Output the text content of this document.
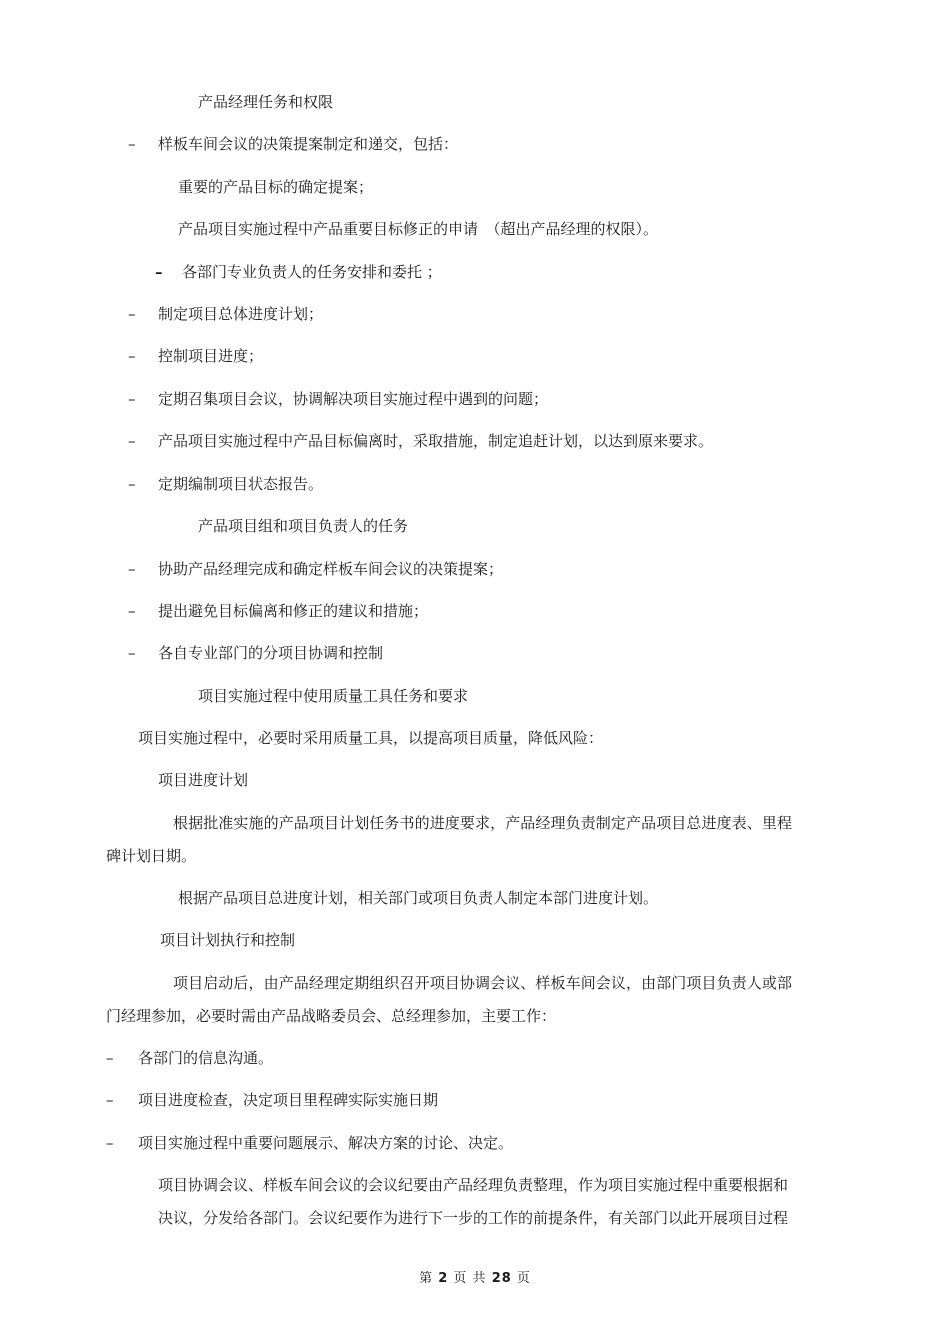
产品经理任务和权限
– 样板车间会议的决策提案制定和递交，包括：
重要的产品目标的确定提案；
产品项目实施过程中产品重要目标修正的申请　（超出产品经理的权限）。
– 各部门专业负责人的任务安排和委托 ；
– 制定项目总体进度计划；
– 控制项目进度；
– 定期召集项目会议，协调解决项目实施过程中遇到的问题；
– 产品项目实施过程中产品目标偏离时，采取措施，制定追赶计划，以达到原来要求。
– 定期编制项目状态报告。
产品项目组和项目负责人的任务
– 协助产品经理完成和确定样板车间会议的决策提案；
– 提出避免目标偏离和修正的建议和措施；
– 各自专业部门的分项目协调和控制
项目实施过程中使用质量工具任务和要求
项目实施过程中，必要时采用质量工具，以提高项目质量，降低风险：
项目进度计划
根据批准实施的产品项目计划任务书的进度要求，产品经理负责制定产品项目总进度表、里程
碑计划日期。
根据产品项目总进度计划，相关部门或项目负责人制定本部门进度计划。
项目计划执行和控制
项目启动后，由产品经理定期组织召开项目协调会议、样板车间会议，由部门项目负责人或部
门经理参加，必要时需由产品战略委员会、总经理参加，主要工作：
– 各部门的信息沟通。
– 项目进度检查，决定项目里程碑实际实施日期
– 项目实施过程中重要问题展示、解决方案的讨论、决定。
项目协调会议、样板车间会议的会议纪要由产品经理负责整理，作为项目实施过程中重要根据和
决议，分发给各部门。会议纪要作为进行下一步的工作的前提条件，有关部门以此开展项目过程
第 2 页 共 28 页
